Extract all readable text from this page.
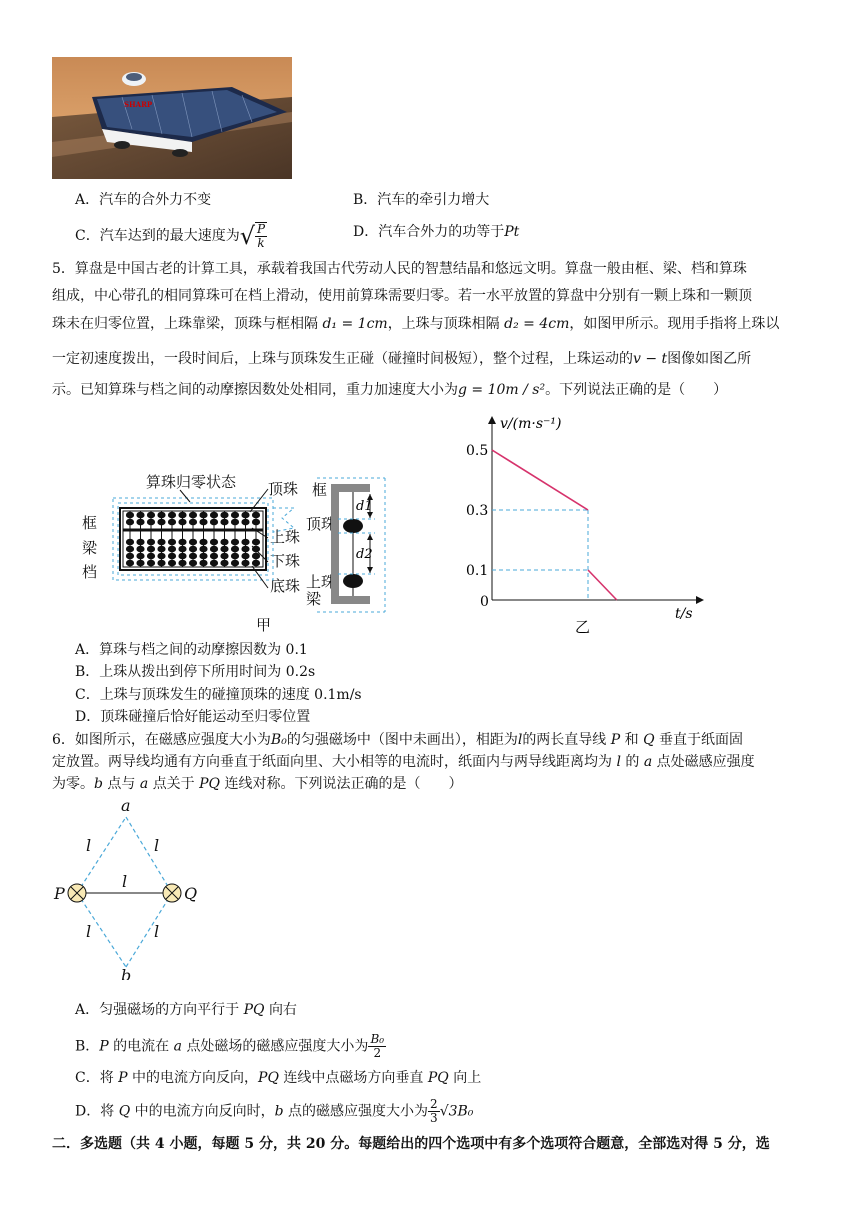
SHARP
A．汽车的合外力不变	B．汽车的牵引力增大
C．汽车达到的最大速度为√ $\frac{P}{k}$	D．汽车合外力的功等于Pt
5．算盘是中国古老的计算工具，承载着我国古代劳动人民的智慧结晶和悠远文明。算盘一般由框、梁、档和算珠
组成，中心带孔的相同算珠可在档上滑动，使用前算珠需要归零。若一水平放置的算盘中分别有一颗上珠和一颗顶
珠未在归零位置，上珠靠梁，顶珠与框相隔 d₁ = 1cm，上珠与顶珠相隔 d₂ = 4cm，如图甲所示。现用手指将上珠以
一定初速度拨出，一段时间后，上珠与顶珠发生正碰（碰撞时间极短），整个过程，上珠运动的v − t图像如图乙所
示。已知算珠与档之间的动摩擦因数处处相同，重力加速度大小为g = 10m / s²。下列说法正确的是（　　）
算珠归零状态
框
梁
档
顶珠
上珠
下珠
底珠
顶珠
上珠
梁
框
甲
d1
d2
v/(m·s⁻¹)
t/s
0.5
0.3
0.1
0
乙
A．算珠与档之间的动摩擦因数为 0.1
B．上珠从拨出到停下所用时间为 0.2s
C．上珠与顶珠发生的碰撞顶珠的速度 0.1m/s
D．顶珠碰撞后恰好能运动至归零位置
6．如图所示，在磁感应强度大小为B₀的匀强磁场中（图中未画出），相距为l的两长直导线 P 和 Q 垂直于纸面固
定放置。两导线均通有方向垂直于纸面向里、大小相等的电流时，纸面内与两导线距离均为 l 的 a 点处磁感应强度
为零。b 点与 a 点关于 PQ 连线对称。下列说法正确的是（　　）
a
b
P	Q
l	l
l
l	l
A．匀强磁场的方向平行于 PQ 向右
B．P 的电流在 a 点处磁场的磁感应强度大小为 $\frac{\text{B₀}}{2}$
C．将 P 中的电流方向反向，PQ 连线中点磁场方向垂直 PQ 向上
D．将 Q 中的电流方向反向时，b 点的磁感应强度大小为 $\frac{2}{3} √3B_0$
二．多选题（共 4 小题，每题 5 分，共 20 分。每题给出的四个选项中有多个选项符合题意，全部选对得 5 分，选
